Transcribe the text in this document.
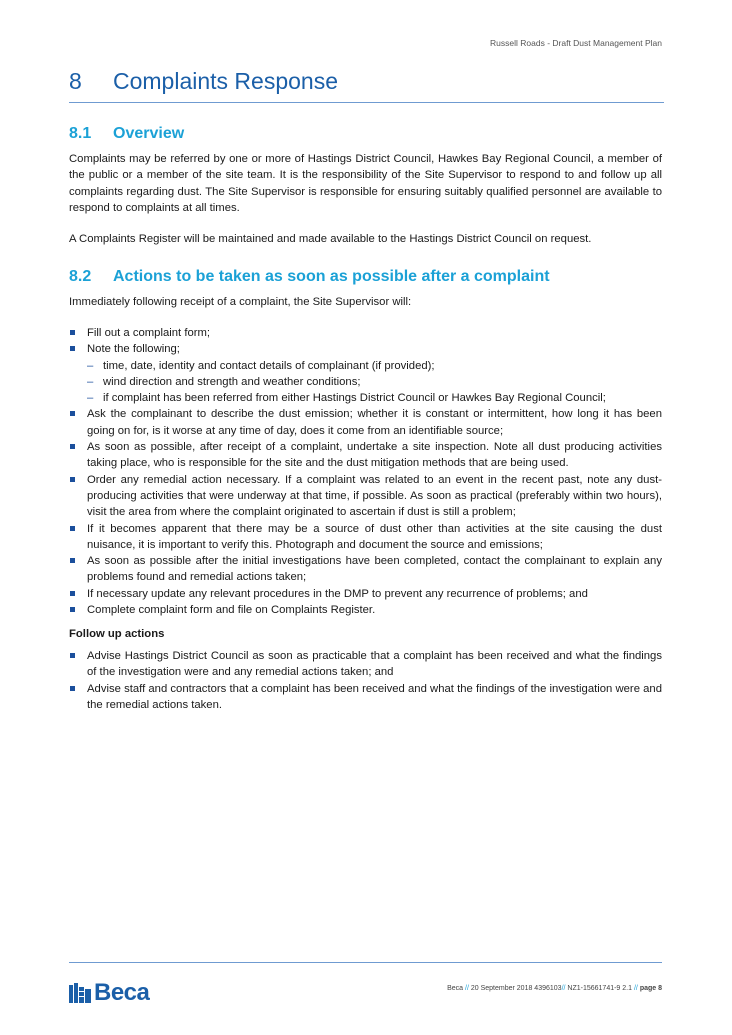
Russell Roads - Draft Dust Management Plan
8 Complaints Response
8.1 Overview

Complaints may be referred by one or more of Hastings District Council, Hawkes Bay Regional Council, a member of the public or a member of the site team. It is the responsibility of the Site Supervisor to respond to and follow up all complaints regarding dust. The Site Supervisor is responsible for ensuring suitably qualified personnel are available to respond to complaints at all times.

A Complaints Register will be maintained and made available to the Hastings District Council on request.

8.2 Actions to be taken as soon as possible after a complaint

Immediately following receipt of a complaint, the Site Supervisor will:

Fill out a complaint form;
Note the following;
– time, date, identity and contact details of complainant (if provided);
– wind direction and strength and weather conditions;
– if complaint has been referred from either Hastings District Council or Hawkes Bay Regional Council;
Ask the complainant to describe the dust emission; whether it is constant or intermittent, how long it has been going on for, is it worse at any time of day, does it come from an identifiable source;
As soon as possible, after receipt of a complaint, undertake a site inspection. Note all dust producing activities taking place, who is responsible for the site and the dust mitigation methods that are being used.
Order any remedial action necessary. If a complaint was related to an event in the recent past, note any dust-producing activities that were underway at that time, if possible. As soon as practical (preferably within two hours), visit the area from where the complaint originated to ascertain if dust is still a problem;
If it becomes apparent that there may be a source of dust other than activities at the site causing the dust nuisance, it is important to verify this. Photograph and document the source and emissions;
As soon as possible after the initial investigations have been completed, contact the complainant to explain any problems found and remedial actions taken;
If necessary update any relevant procedures in the DMP to prevent any recurrence of problems; and
Complete complaint form and file on Complaints Register.
Follow up actions
Advise Hastings District Council as soon as practicable that a complaint has been received and what the findings of the investigation were and any remedial actions taken; and
Advise staff and contractors that a complaint has been received and what the findings of the investigation were and the remedial actions taken.
Beca	Beca // 20 September 2018 4396103// NZ1-15661741-9 2.1 // page 8
